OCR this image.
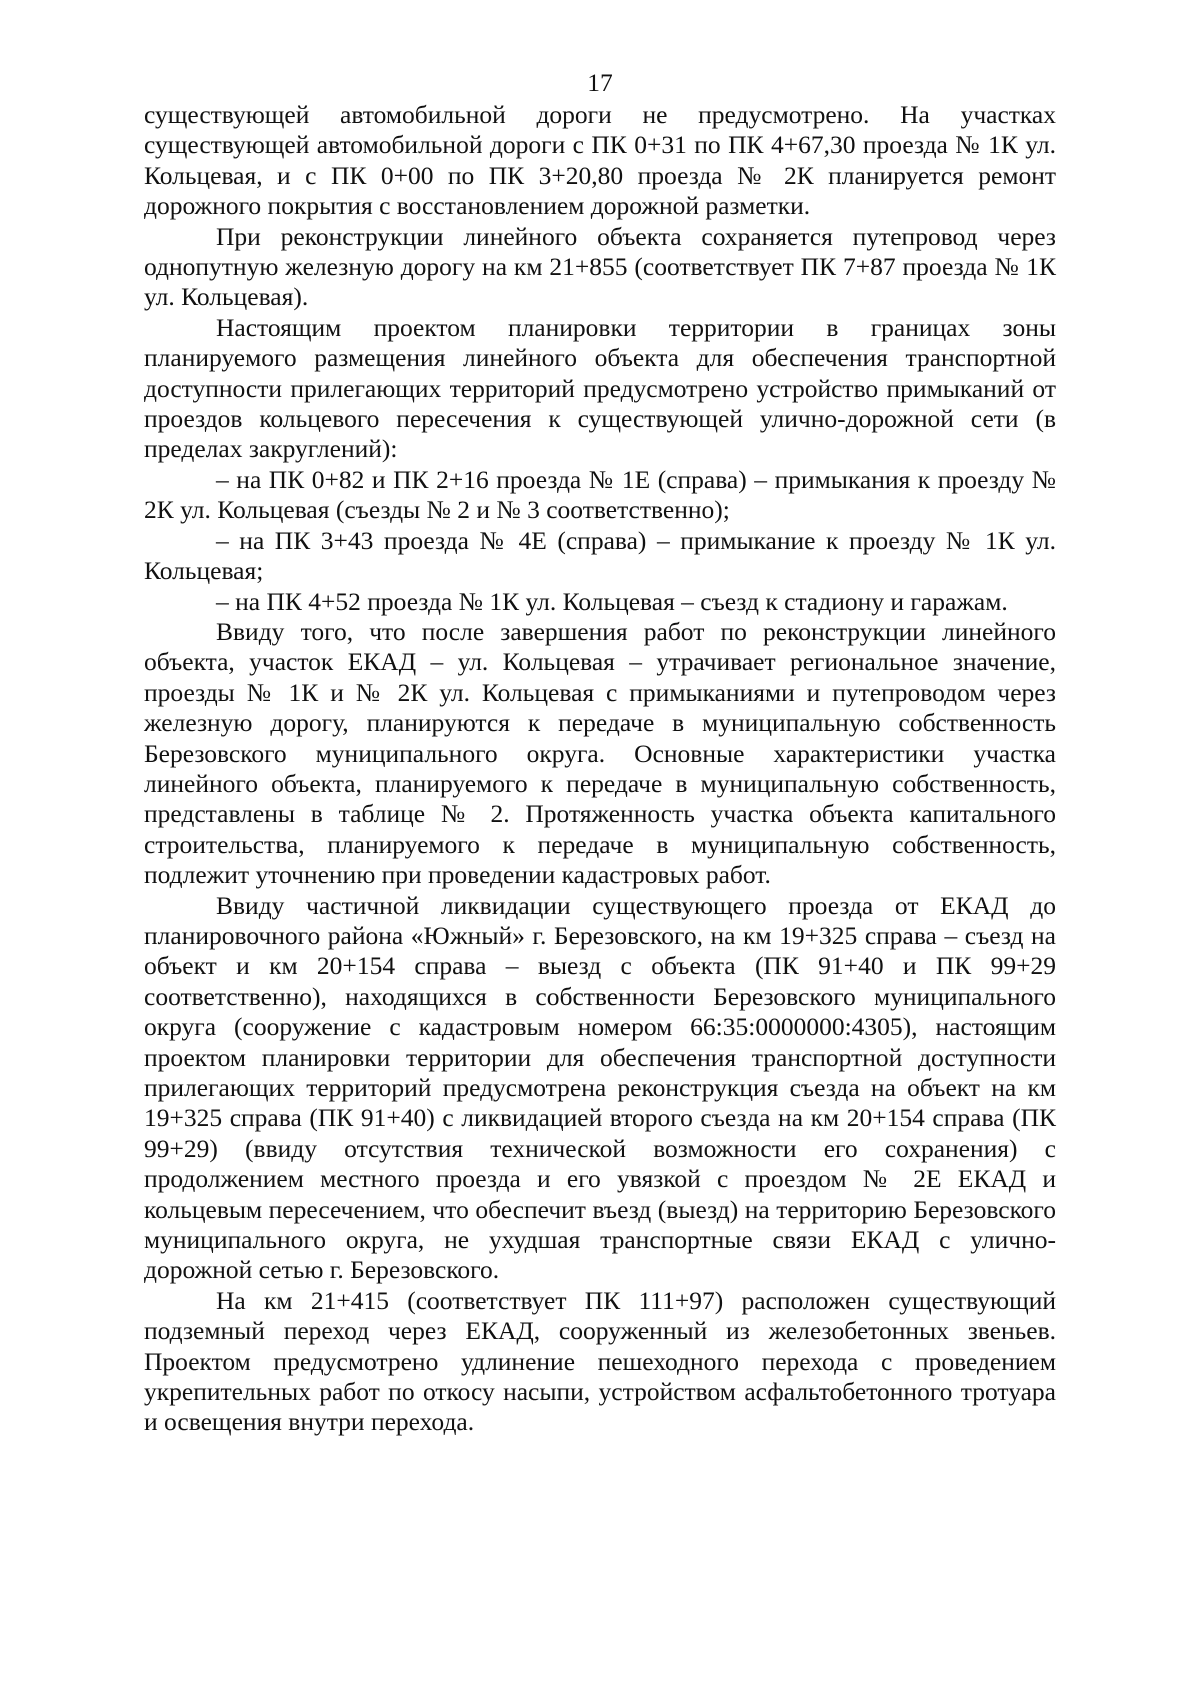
17

существующей автомобильной дороги не предусмотрено. На участках существующей автомобильной дороги с ПК 0+31 по ПК 4+67,30 проезда № 1К ул. Кольцевая, и с ПК 0+00 по ПК 3+20,80 проезда № 2К планируется ремонт дорожного покрытия с восстановлением дорожной разметки.

При реконструкции линейного объекта сохраняется путепровод через однопутную железную дорогу на км 21+855 (соответствует ПК 7+87 проезда № 1К ул. Кольцевая).

Настоящим проектом планировки территории в границах зоны планируемого размещения линейного объекта для обеспечения транспортной доступности прилегающих территорий предусмотрено устройство примыканий от проездов кольцевого пересечения к существующей улично-дорожной сети (в пределах закруглений):

– на ПК 0+82 и ПК 2+16 проезда № 1Е (справа) – примыкания к проезду № 2К ул. Кольцевая (съезды № 2 и № 3 соответственно);

– на ПК 3+43 проезда № 4Е (справа) – примыкание к проезду № 1К ул. Кольцевая;

– на ПК 4+52 проезда № 1К ул. Кольцевая – съезд к стадиону и гаражам.

Ввиду того, что после завершения работ по реконструкции линейного объекта, участок ЕКАД – ул. Кольцевая – утрачивает региональное значение, проезды № 1К и № 2К ул. Кольцевая с примыканиями и путепроводом через железную дорогу, планируются к передаче в муниципальную собственность Березовского муниципального округа. Основные характеристики участка линейного объекта, планируемого к передаче в муниципальную собственность, представлены в таблице № 2. Протяженность участка объекта капитального строительства, планируемого к передаче в муниципальную собственность, подлежит уточнению при проведении кадастровых работ.

Ввиду частичной ликвидации существующего проезда от ЕКАД до планировочного района «Южный» г. Березовского, на км 19+325 справа – съезд на объект и км 20+154 справа – выезд с объекта (ПК 91+40 и ПК 99+29 соответственно), находящихся в собственности Березовского муниципального округа (сооружение с кадастровым номером 66:35:0000000:4305), настоящим проектом планировки территории для обеспечения транспортной доступности прилегающих территорий предусмотрена реконструкция съезда на объект на км 19+325 справа (ПК 91+40) с ликвидацией второго съезда на км 20+154 справа (ПК 99+29) (ввиду отсутствия технической возможности его сохранения) с продолжением местного проезда и его увязкой с проездом № 2Е ЕКАД и кольцевым пересечением, что обеспечит въезд (выезд) на территорию Березовского муниципального округа, не ухудшая транспортные связи ЕКАД с улично-дорожной сетью г. Березовского.

На км 21+415 (соответствует ПК 111+97) расположен существующий подземный переход через ЕКАД, сооруженный из железобетонных звеньев. Проектом предусмотрено удлинение пешеходного перехода с проведением укрепительных работ по откосу насыпи, устройством асфальтобетонного тротуара и освещения внутри перехода.
